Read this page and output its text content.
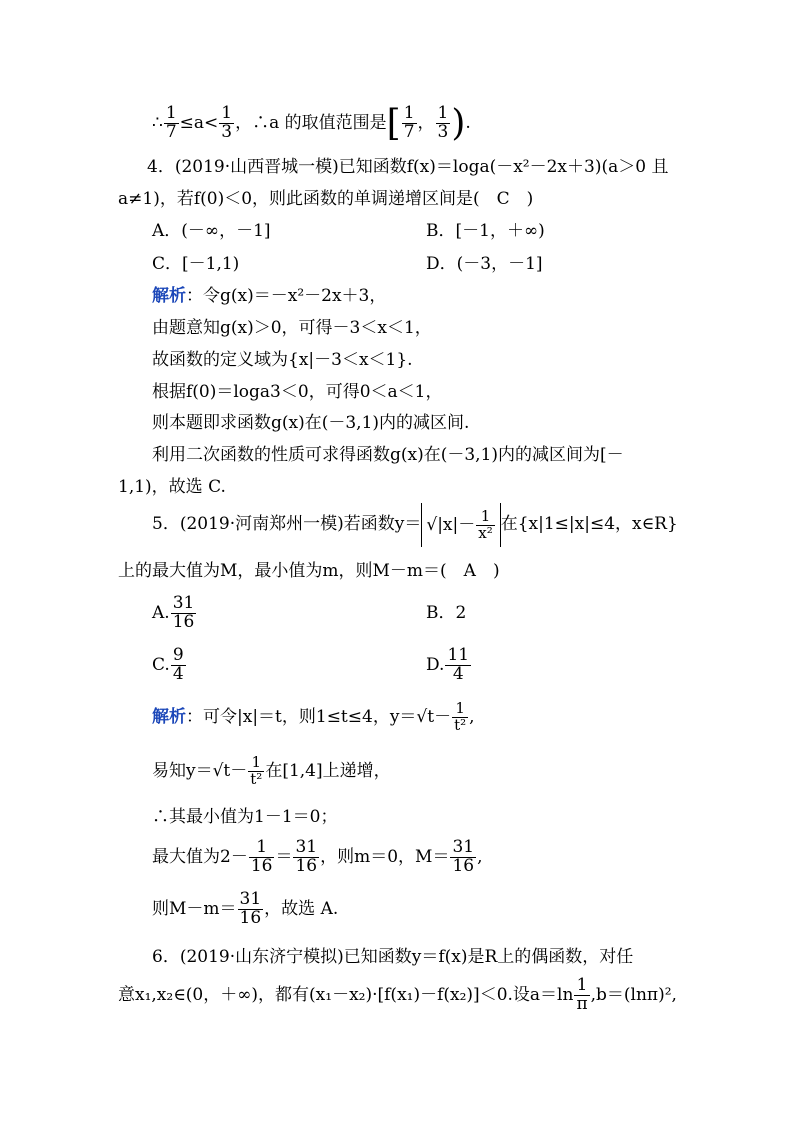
∴ $\frac{1}{7} \le a< \frac{1}{3}$ ，∴a 的取值范围是[ $\frac{1}{7}$ ， $\frac{1}{3}$ ).
4．(2019·山西晋城一模)已知函数f(x)＝loga(－x²－2x＋3)(a＞0 且
a≠1)，若f(0)＜0，则此函数的单调递增区间是(　C　)
A．(－∞，－1]	B．[－1，＋∞)
C．[－1,1)	D．(－3，－1]
解析：令g(x)＝－x²－2x＋3，
由题意知g(x)＞0，可得－3＜x＜1，
故函数的定义域为{x|－3＜x＜1}.
根据f(0)＝loga3＜0，可得0＜a＜1，
则本题即求函数g(x)在(－3,1)内的减区间.
利用二次函数的性质可求得函数g(x)在(－3,1)内的减区间为[－
1,1)，故选 C.
5．(2019·河南郑州一模)若函数$y= √|x|- \frac{1}{\text{x²}}$ 在{x|1≤|x|≤4，x∈R}
上的最大值为M，最小值为m，则M－m＝(　A　)
A. $\frac{31}{16}$	B．2
C. $\frac{9}{4}$	D. $\frac{11}{4}$
解析：可令|x|＝t，则1≤t≤4，$y=√t- \frac{1}{\text{t²}}$ ,
易知$y=√t- \frac{1}{\text{t²}}$ 在[1,4]上递增，
∴其最小值为1－1＝0；
最大值为$2- \frac{1}{16} = \frac{31}{16}$ ，则m＝0，$M= \frac{31}{16}$ ,
则$M-m= \frac{31}{16}$ ，故选 A.
6．(2019·山东济宁模拟)已知函数y＝f(x)是R上的偶函数，对任
意x₁,x₂∈(0，＋∞)，都有(x₁－x₂)·[f(x₁)－f(x₂)]＜0.设$a=\ln \frac{1}{\pi} ,b=(\ln\pi)^2$,
